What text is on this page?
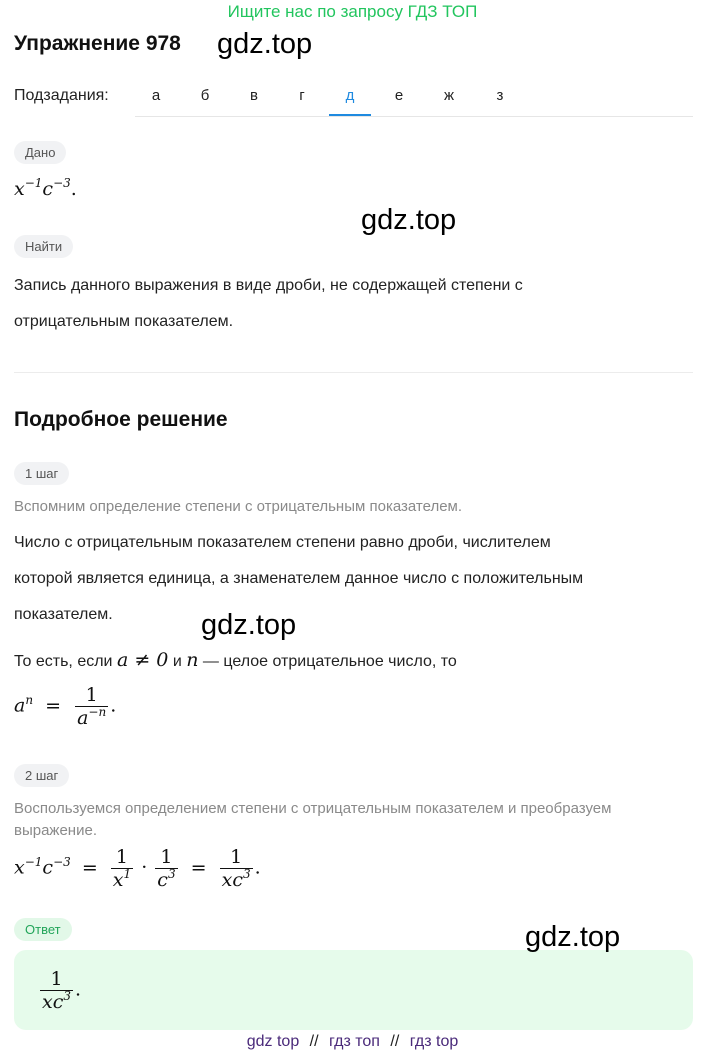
Ищите нас по запросу ГДЗ ТОП
Упражнение 978 gdz.top
Подзадания:	а	б	в	г	д	е	ж	з
Дано
$x^{-1}c^{-3}$.
gdz.top
Найти
Запись данного выражения в виде дроби, не содержащей степени с
отрицательным показателем.
Подробное решение
1 шаг
Вспомним определение степени с отрицательным показателем.
Число с отрицательным показателем степени равно дроби, числителем
которой является единица, а знаменателем данное число с положительным
показателем.	gdz.top
То есть, если a ≠ 0 и n — целое отрицательное число, то
$a^n = \frac{1}{a^{-n}}$ .
2 шаг
Воспользуемся определением степени с отрицательным показателем и преобразуем
выражение.
$x^{-1}c^{-3} = \frac{1}{x^1} \cdot \frac{1}{c^3} = \frac{1}{xc^3}$ .
Ответ	gdz.top
$\frac{1}{xc^3}$ .
gdz top // гдз топ // гдз top
